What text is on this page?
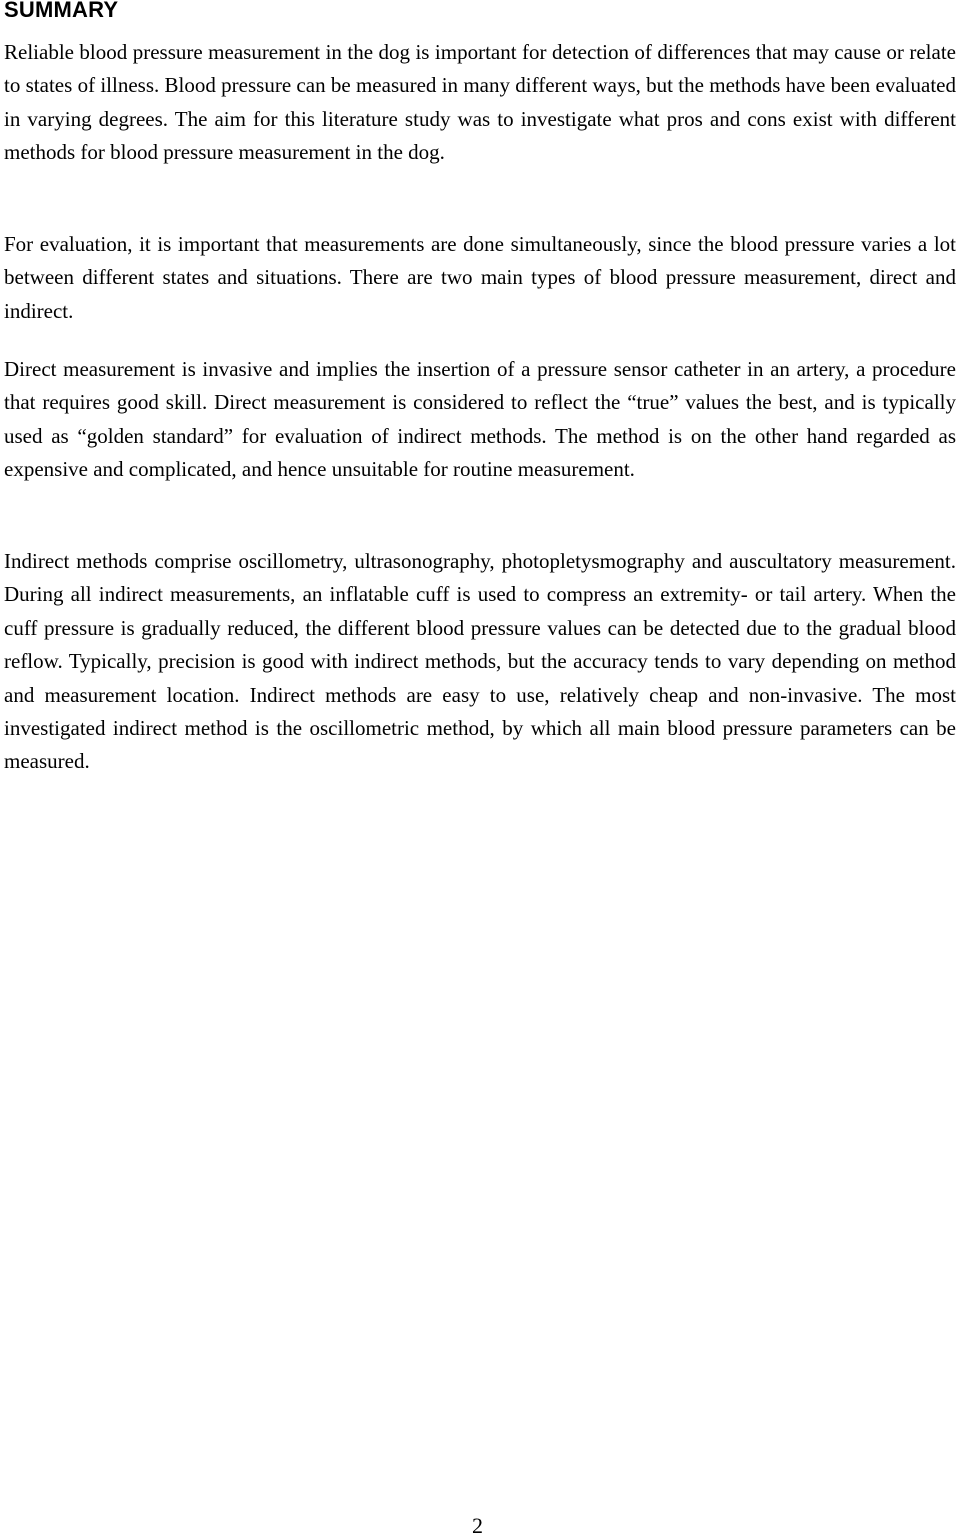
SUMMARY

Reliable blood pressure measurement in the dog is important for detection of differences that may cause or relate to states of illness. Blood pressure can be measured in many different ways, but the methods have been evaluated in varying degrees. The aim for this literature study was to investigate what pros and cons exist with different methods for blood pressure measurement in the dog.

For evaluation, it is important that measurements are done simultaneously, since the blood pressure varies a lot between different states and situations. There are two main types of blood pressure measurement, direct and indirect.

Direct measurement is invasive and implies the insertion of a pressure sensor catheter in an artery, a procedure that requires good skill. Direct measurement is considered to reflect the “true” values the best, and is typically used as “golden standard” for evaluation of indirect methods. The method is on the other hand regarded as expensive and complicated, and hence unsuitable for routine measurement.

Indirect methods comprise oscillometry, ultrasonography, photopletysmography and auscultatory measurement. During all indirect measurements, an inflatable cuff is used to compress an extremity- or tail artery. When the cuff pressure is gradually reduced, the different blood pressure values can be detected due to the gradual blood reflow. Typically, precision is good with indirect methods, but the accuracy tends to vary depending on method and measurement location. Indirect methods are easy to use, relatively cheap and non-invasive. The most investigated indirect method is the oscillometric method, by which all main blood pressure parameters can be measured.

2
